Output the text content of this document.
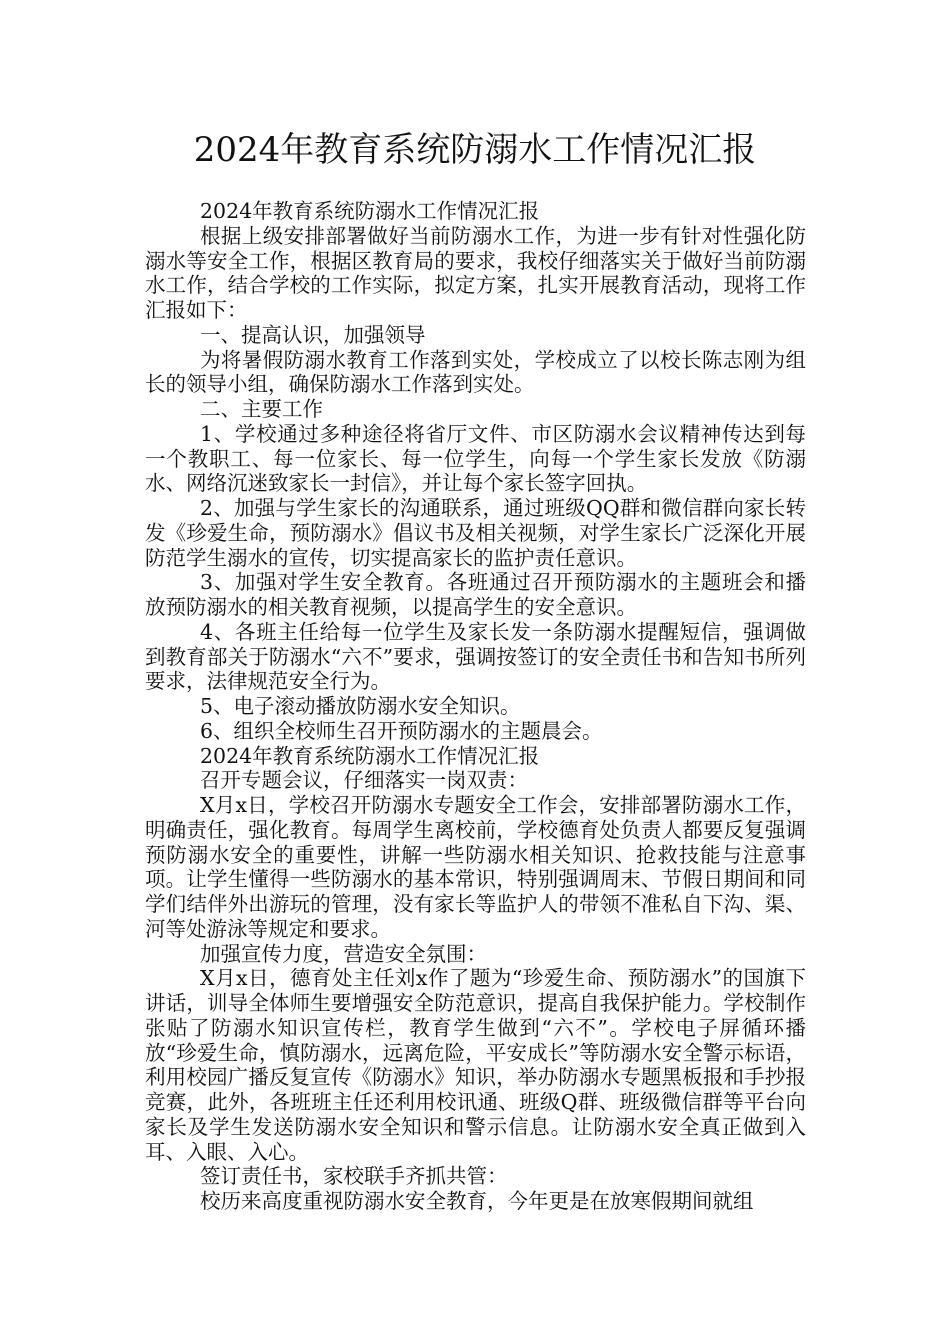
2024年教育系统防溺水工作情况汇报

2024年教育系统防溺水工作情况汇报

根据上级安排部署做好当前防溺水工作，为进一步有针对性强化防溺水等安全工作，根据区教育局的要求，我校仔细落实关于做好当前防溺水工作，结合学校的工作实际，拟定方案，扎实开展教育活动，现将工作汇报如下：

一、提高认识，加强领导

为将暑假防溺水教育工作落到实处，学校成立了以校长陈志刚为组长的领导小组，确保防溺水工作落到实处。

二、主要工作

1、学校通过多种途径将省厅文件、市区防溺水会议精神传达到每一个教职工、每一位家长、每一位学生，向每一个学生家长发放《防溺水、网络沉迷致家长一封信》，并让每个家长签字回执。

2、加强与学生家长的沟通联系，通过班级QQ群和微信群向家长转发《珍爱生命，预防溺水》倡议书及相关视频，对学生家长广泛深化开展防范学生溺水的宣传，切实提高家长的监护责任意识。

3、加强对学生安全教育。各班通过召开预防溺水的主题班会和播放预防溺水的相关教育视频，以提高学生的安全意识。

4、各班主任给每一位学生及家长发一条防溺水提醒短信，强调做到教育部关于防溺水“六不”要求，强调按签订的安全责任书和告知书所列要求，法律规范安全行为。

5、电子滚动播放防溺水安全知识。

6、组织全校师生召开预防溺水的主题晨会。

2024年教育系统防溺水工作情况汇报

召开专题会议，仔细落实一岗双责：

X月x日，学校召开防溺水专题安全工作会，安排部署防溺水工作，明确责任，强化教育。每周学生离校前，学校德育处负责人都要反复强调预防溺水安全的重要性，讲解一些防溺水相关知识、抢救技能与注意事项。让学生懂得一些防溺水的基本常识，特别强调周末、节假日期间和同学们结伴外出游玩的管理，没有家长等监护人的带领不准私自下沟、渠、河等处游泳等规定和要求。

加强宣传力度，营造安全氛围：

X月x日，德育处主任刘x作了题为“珍爱生命、预防溺水”的国旗下讲话，训导全体师生要增强安全防范意识，提高自我保护能力。学校制作张贴了防溺水知识宣传栏，教育学生做到“六不”。学校电子屏循环播放“珍爱生命，慎防溺水，远离危险，平安成长”等防溺水安全警示标语，利用校园广播反复宣传《防溺水》知识，举办防溺水专题黑板报和手抄报竞赛，此外，各班班主任还利用校讯通、班级Q群、班级微信群等平台向家长及学生发送防溺水安全知识和警示信息。让防溺水安全真正做到入耳、入眼、入心。

签订责任书，家校联手齐抓共管：

校历来高度重视防溺水安全教育，今年更是在放寒假期间就组
